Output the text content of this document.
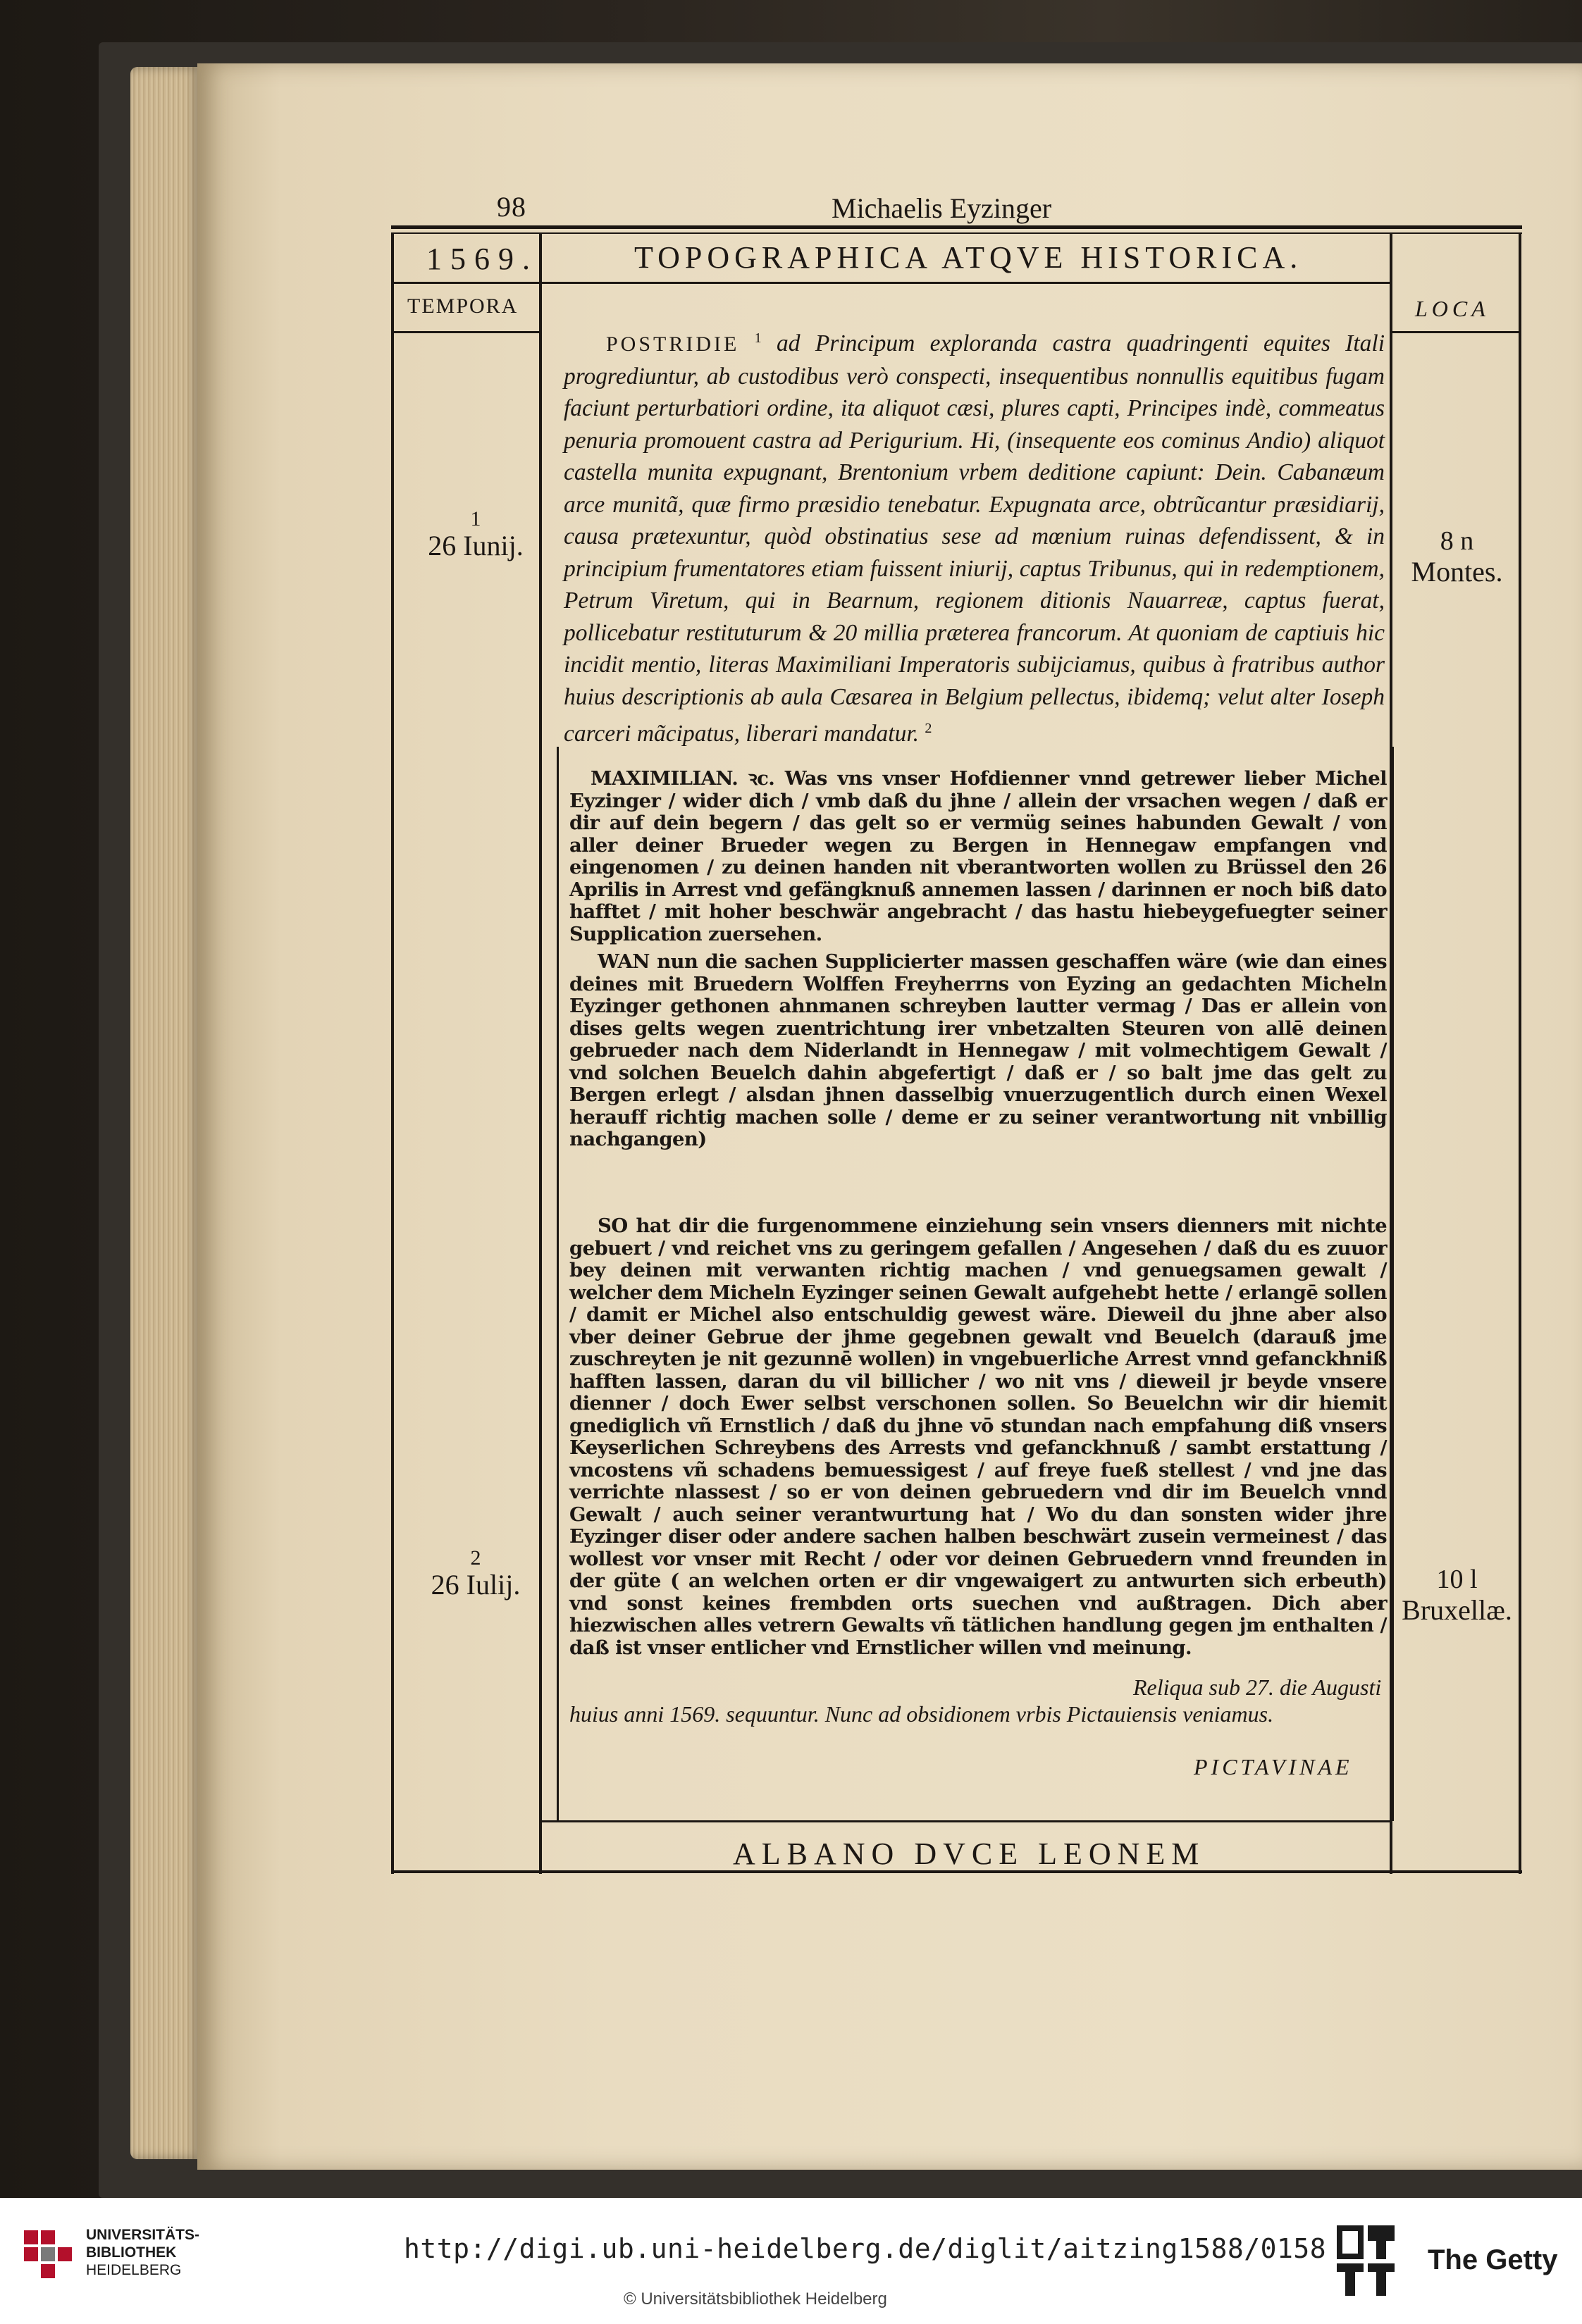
98	Michaelis Eyzinger
1569.
TEMPORA	LOCA
TOPOGRAPHICA ATQVE HISTORICA.
ALBANO DVCE LEONEM
1
26 Iunij.
2
26 Iulij.
8 n
Montes.
10 l
Bruxellæ.
POSTRIDIE $^1$ ad Principum exploranda castra quadringenti equites Itali progrediuntur, ab custodibus verò conspecti, insequentibus nonnullis equitibus fugam faciunt perturbatiori ordine, ita aliquot cæsi, plures capti, Principes indè, commeatus penuria promouent castra ad Perigurium. Hi, (insequente eos cominus Andio) aliquot castella munita expugnant, Brentonium vrbem deditione capiunt: Dein. Cabanæum arce munitã, quæ firmo præsidio tenebatur. Expugnata arce, obtrũcantur præsidiarij, causa prætexuntur, quòd obstinatius sese ad mœnium ruinas defendissent, & in principium frumentatores etiam fuissent iniurij, captus Tribunus, qui in redemptionem, Petrum Viretum, qui in Bearnum, regionem ditionis Nauarreæ, captus fuerat, pollicebatur restituturum & 20 millia præterea francorum. At quoniam de captiuis hic incidit mentio, literas Maximiliani Imperatoris subijciamus, quibus à fratribus author huius descriptionis ab aula Cæsarea in Belgium pellectus, ibidemq; velut alter Ioseph carceri mãcipatus, liberari mandatur. $^2$
MAXIMILIAN. ꝛc. Was vns vnser Hofdienner vnnd getrewer lieber Michel Eyzinger / wider dich / vmb daß du jhne / allein der vrsachen wegen / daß er dir auf dein begern / das gelt so er vermüg seines habunden Gewalt / von aller deiner Brueder wegen zu Bergen in Hennegaw empfangen vnd eingenomen / zu deinen handen nit vberantworten wollen zu Brüssel den 26 Aprilis in Arrest vnd gefängknuß annemen lassen / darinnen er noch biß dato hafftet / mit hoher beschwär angebracht / das hastu hiebeygefuegter seiner Supplication zuersehen.
WAN nun die sachen Supplicierter massen geschaffen wäre (wie dan eines deines mit Bruedern Wolffen Freyherrns von Eyzing an gedachten Micheln Eyzinger gethonen ahnmanen schreyben lautter vermag / Das er allein von dises gelts wegen zuentrichtung irer vnbetzalten Steuren von allē deinen gebrueder nach dem Niderlandt in Hennegaw / mit volmechtigem Gewalt / vnd solchen Beuelch dahin abgefertigt / daß er / so balt jme das gelt zu Bergen erlegt / alsdan jhnen dasselbig vnuerzugentlich durch einen Wexel herauff richtig machen solle / deme er zu seiner verantwortung nit vnbillig nachgangen)
SO hat dir die furgenommene einziehung sein vnsers dienners mit nichte gebuert / vnd reichet vns zu geringem gefallen / Angesehen / daß du es zuuor bey deinen mit verwanten richtig machen / vnd genuegsamen gewalt / welcher dem Micheln Eyzinger seinen Gewalt aufgehebt hette / erlangē sollen / damit er Michel also entschuldig gewest wäre. Dieweil du jhne aber also vber deiner Gebrue der jhme gegebnen gewalt vnd Beuelch (darauß jme zuschreyten je nit gezunnē wollen) in vngebuerliche Arrest vnnd gefanckhniß hafften lassen, daran du vil billicher / wo nit vns / dieweil jr beyde vnsere dienner / doch Ewer selbst verschonen sollen. So Beuelchn wir dir hiemit gnediglich vñ Ernstlich / daß du jhne vō stundan nach empfahung diß vnsers Keyserlichen Schreybens des Arrests vnd gefanckhnuß / sambt erstattung / vncostens vñ schadens bemuessigest / auf freye fueß stellest / vnd jne das verrichte nlassest / so er von deinen gebruedern vnd dir im Beuelch vnnd Gewalt / auch seiner verantwurtung hat / Wo du dan sonsten wider jhre Eyzinger diser oder andere sachen halben beschwärt zusein vermeinest / das wollest vor vnser mit Recht / oder vor deinen Gebruedern vnnd freunden in der güte ( an welchen orten er dir vngewaigert zu antwurten sich erbeuth) vnd sonst keines frembden orts suechen vnd außtragen. Dich aber hiezwischen alles vetrern Gewalts vñ tätlichen handlung gegen jm enthalten / daß ist vnser entlicher vnd Ernstlicher willen vnd meinung.
Reliqua sub 27. die Augusti huius anni 1569. sequuntur. Nunc ad obsidionem vrbis Pictauiensis veniamus.
PICTAVINAE
UNIVERSITÄTS-
BIBLIOTHEK
HEIDELBERG
http://digi.ub.uni-heidelberg.de/diglit/aitzing1588/0158
© Universitätsbibliothek Heidelberg
The Getty
